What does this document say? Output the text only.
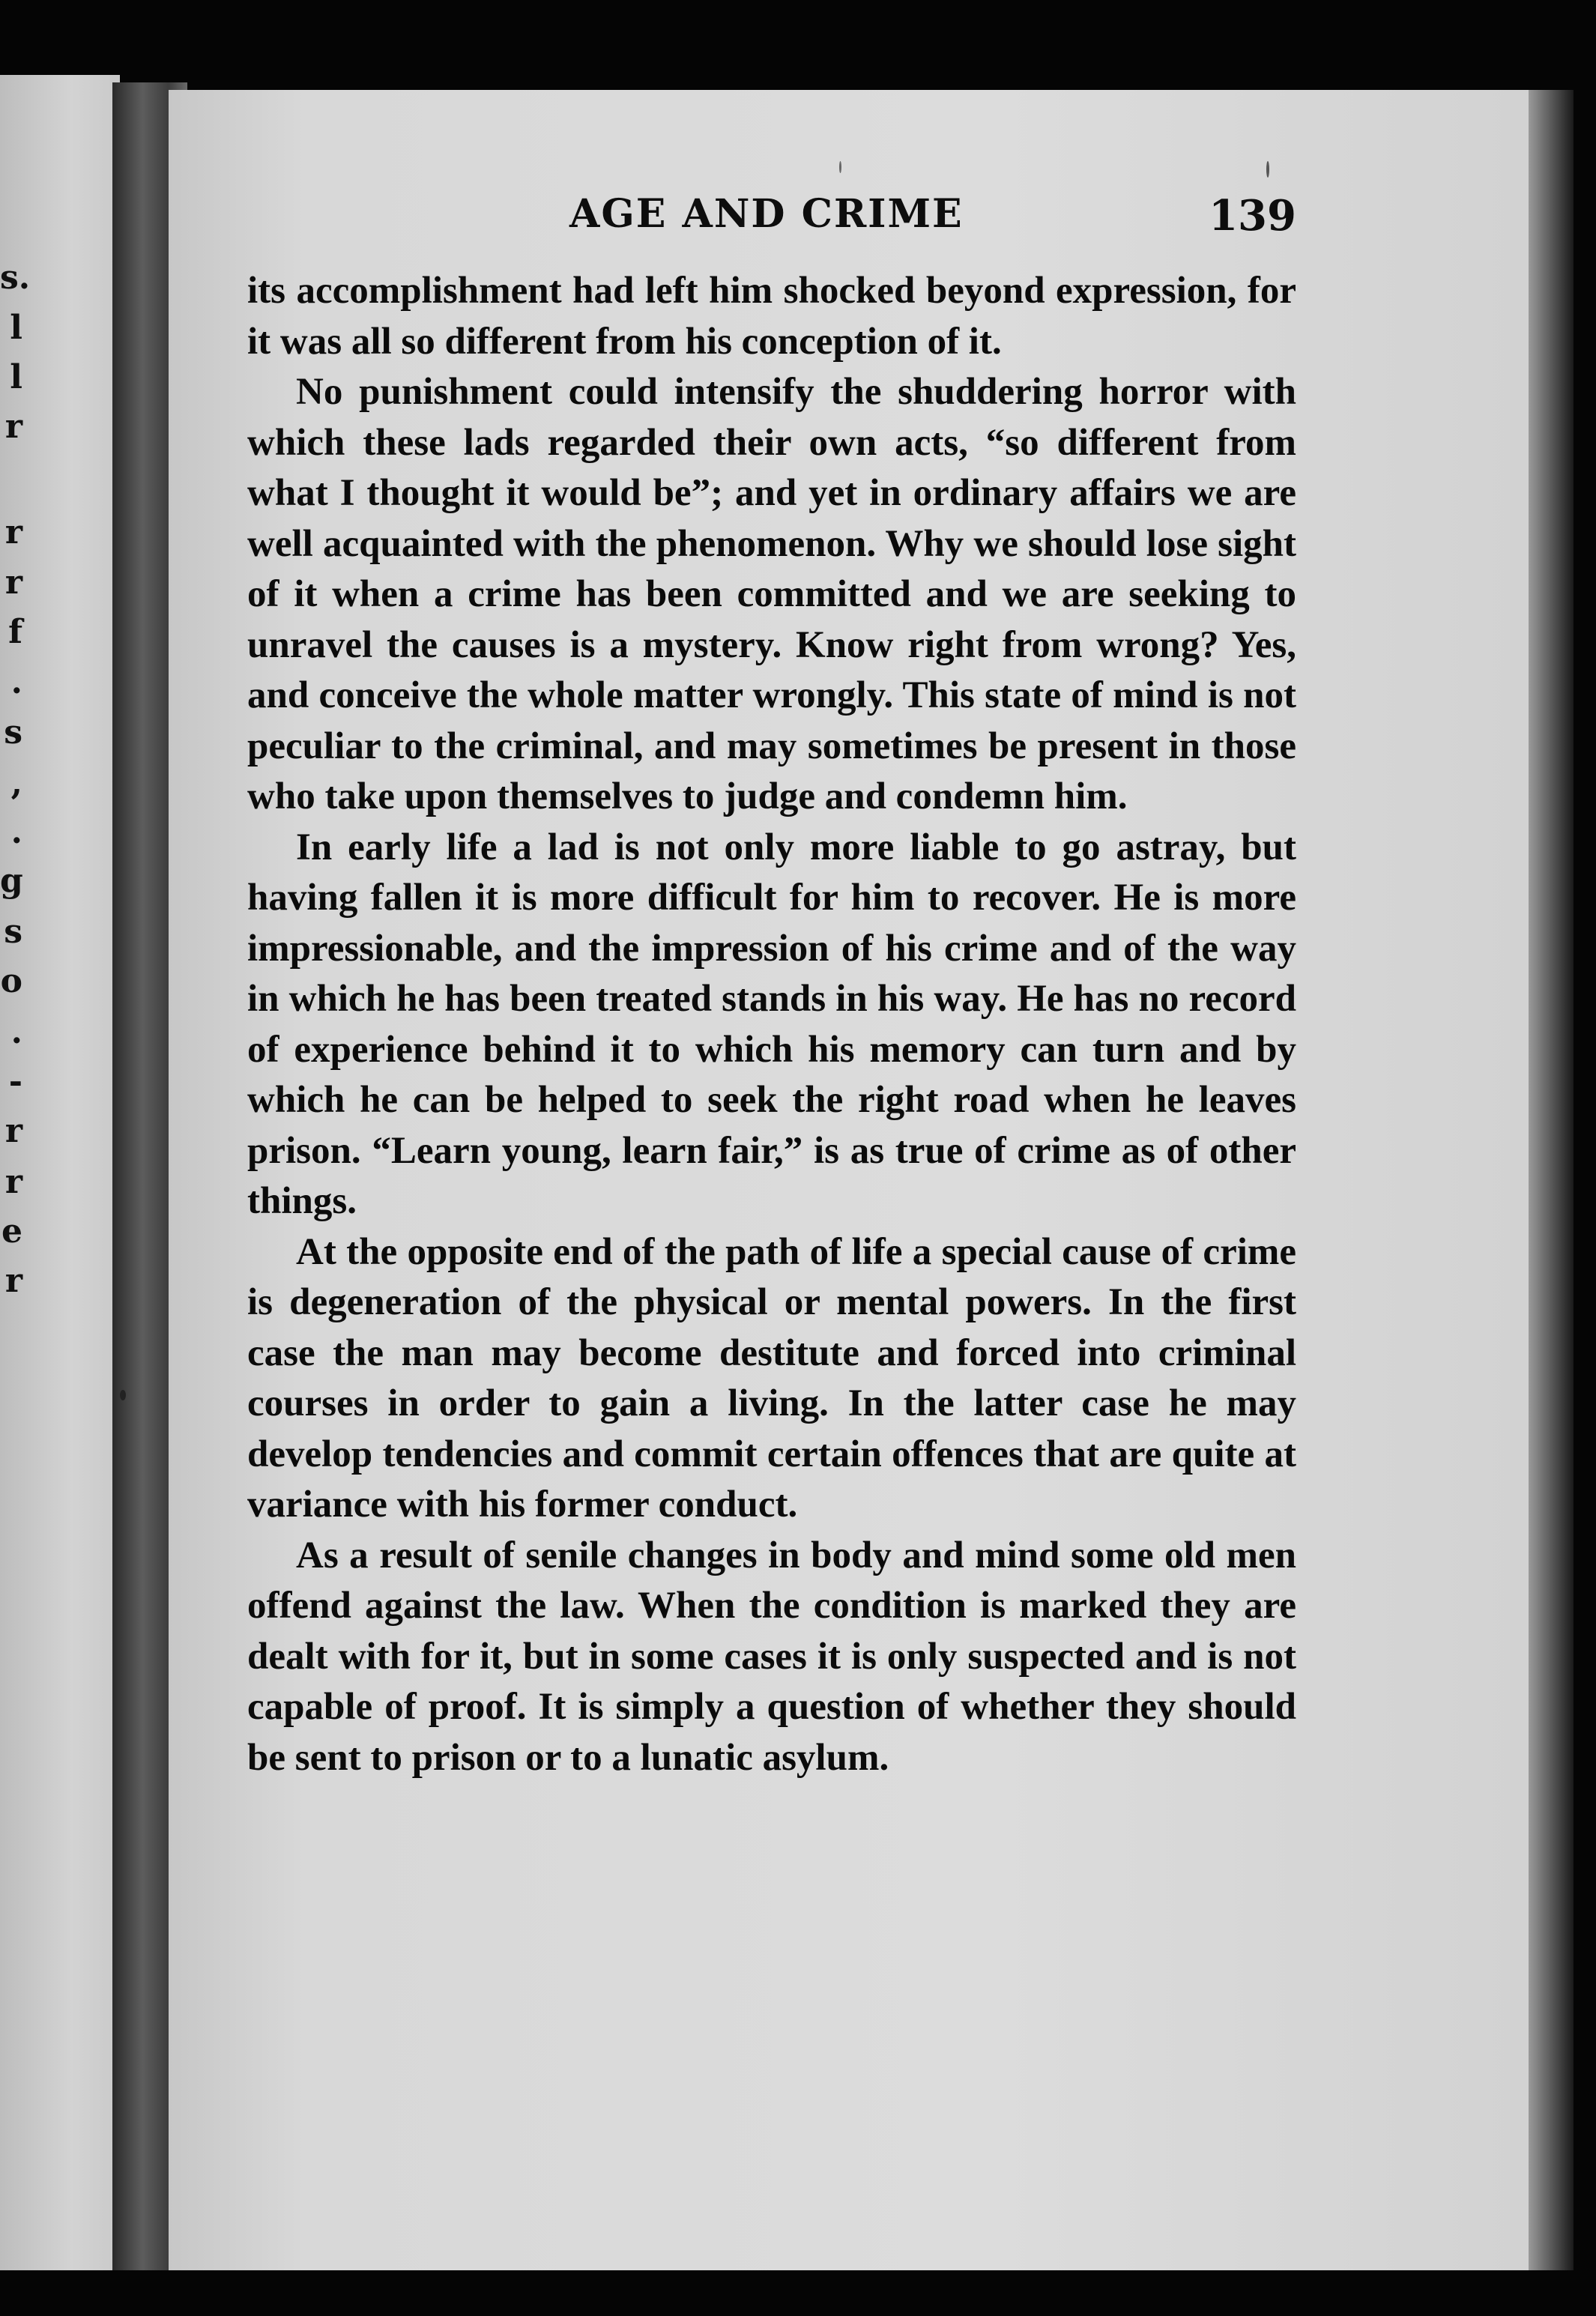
s.
l
l
r
r
r
f
.
s
,
.
g
s
o
.
-
r
r
e
r
AGE AND CRIME	139

its accomplishment had left him shocked beyond expression, for it was all so different from his conception of it.

No punishment could intensify the shuddering horror with which these lads regarded their own acts, “so different from what I thought it would be”; and yet in ordinary affairs we are well acquainted with the phenomenon. Why we should lose sight of it when a crime has been committed and we are seeking to unravel the causes is a mystery. Know right from wrong? Yes, and conceive the whole matter wrongly. This state of mind is not peculiar to the criminal, and may sometimes be present in those who take upon themselves to judge and condemn him.

In early life a lad is not only more liable to go astray, but having fallen it is more difficult for him to recover. He is more impressionable, and the impression of his crime and of the way in which he has been treated stands in his way. He has no record of experience behind it to which his memory can turn and by which he can be helped to seek the right road when he leaves prison. “Learn young, learn fair,” is as true of crime as of other things.

At the opposite end of the path of life a special cause of crime is degeneration of the physical or mental powers. In the first case the man may become destitute and forced into criminal courses in order to gain a living. In the latter case he may develop tendencies and commit certain offences that are quite at variance with his former conduct.

As a result of senile changes in body and mind some old men offend against the law. When the condition is marked they are dealt with for it, but in some cases it is only suspected and is not capable of proof. It is simply a question of whether they should be sent to prison or to a lunatic asylum.
